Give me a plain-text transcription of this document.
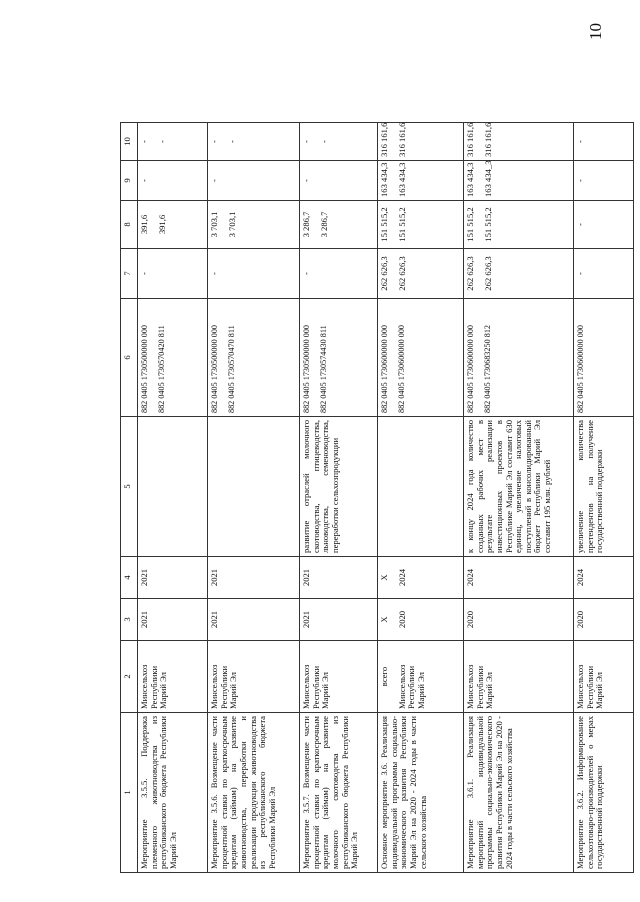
10
1	2	3	4	5	6	7	8	9	10
Мероприятие 3.5.5. Поддержка племенного животноводства из республиканского бюджета Республики Марий Эл	Минсельхоз Республики Марий Эл	2021	2021		882 0405 1730500000 000 882 0405 1730570420 811	-	391,6 391,6	-	- -

Мероприятие 3.5.6. Возмещение части процентной ставки по краткосрочным кредитам (займам) на развитие животноводства, переработки и реализации продукции животноводства из республиканского бюджета Республики Марий Эл	Минсельхоз Республики Марий Эл	2021	2021		882 0405 1730500000 000 882 0405 1730570470 811	-	3 703,1 3 703,1	-	- -

Мероприятие 3.5.7. Возмещение части процентной ставки по краткосрочным кредитам (займам) на развитие молочного скотоводства из республиканского бюджета Республики Марий Эл	Минсельхоз Республики Марий Эл	2021	2021	развитие отраслей молочного скотоводства, птицеводства, льноводства, семеноводства, переработки сельхозпродукции	882 0405 1730500000 000 882 0405 1730574430 811	-	3 286,7 3 286,7	-	- -

Основное мероприятие 3.6. Реализация индивидуальной программы социально-экономического развития Республики Марий Эл на 2020 - 2024 годы в части сельского хозяйства	всего Минсельхоз Республики Марий Эл	X 2020	X 2024		882 0405 1730600000 000 882 0405 1730600000 000	262 626,3 262 626,3	151 515,2 151 515,2	163 434,3 163 434,3	316 161,6 316 161,6

Мероприятие 3.6.1. Реализация мероприятий индивидуальной программы социально-экономического развития Республики Марий Эл на 2020 - 2024 годы в части сельского хозяйства	Минсельхоз Республики Марий Эл	2020	2024	к концу 2024 года количество созданных рабочих мест в результате реализации инвестиционных проектов в Республике Марий Эл составит 630 единиц, увеличение налоговых поступлений в консолидированный бюджет Республики Марий Эл составит 195 млн. рублей	882 0405 1730600000 000 882 0405 1730683250 812	262 626,3 262 626,3	151 515,2 151 515,2	163 434,3 163 434_3	316 161,6 316 161,6

Мероприятие 3.6.2. Информирование сельхозтоваро-производителей о мерах государственной поддержки	Минсельхоз Республики Марий Эл	2020	2024	увеличение количества претендентов на получение государственной поддержки	882 0405 1730600000 000	-	-	-	-
